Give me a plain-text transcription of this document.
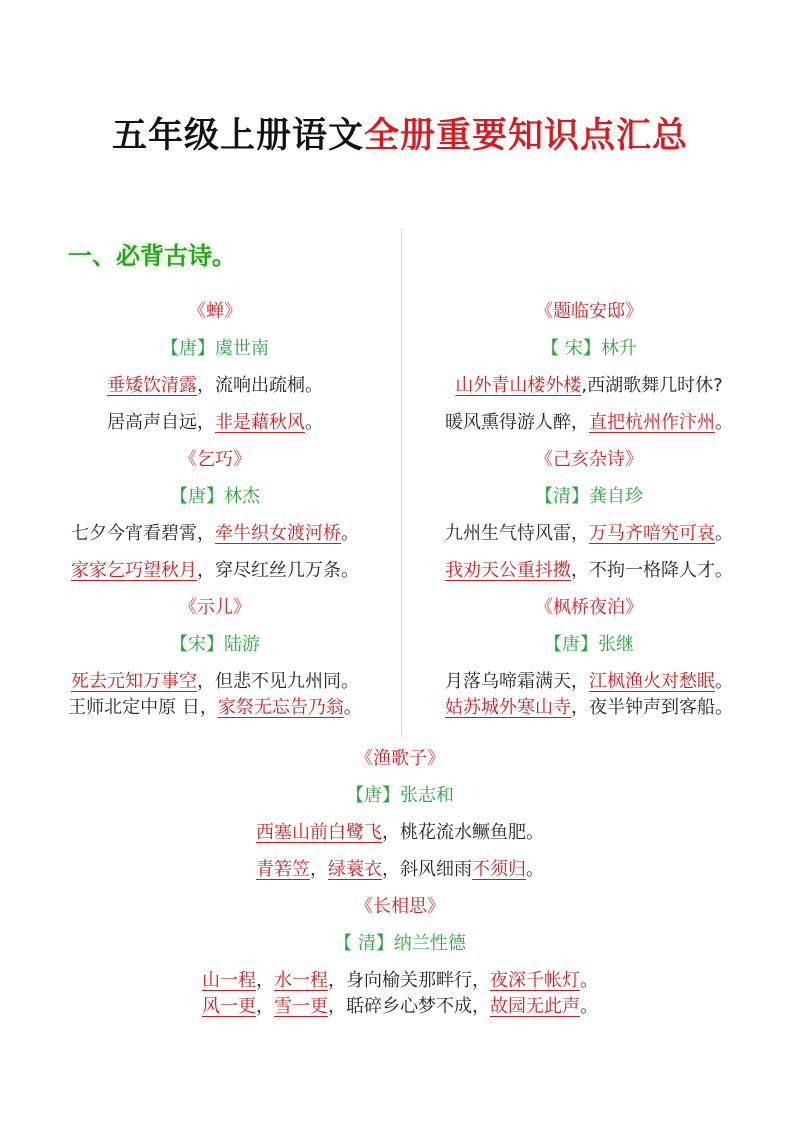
五年级上册语文全册重要知识点汇总
一、必背古诗。
《蝉》
【唐】虞世南
垂矮饮清露，流响出疏桐。
居高声自远，非是藉秋风。
《乞巧》
【唐】林杰
七夕今宵看碧霄，牵牛织女渡河桥。
家家乞巧望秋月，穿尽红丝几万条。
《示儿》
【宋】陆游
死去元知万事空，但悲不见九州同。
王师北定中原 日，家祭无忘告乃翁。
《题临安邸》
【 宋】林升
山外青山楼外楼,西湖歌舞几时休?
暖风熏得游人醉，直把杭州作汴州。
《己亥杂诗》
【清】龚自珍
九州生气恃风雷，万马齐喑究可哀。
我劝天公重抖擞，不拘一格降人才。
《枫桥夜泊》
【唐】张继
月落乌啼霜满天，江枫渔火对愁眠。
姑苏城外寒山寺，夜半钟声到客船。
《渔歌子》
【唐】张志和
西塞山前白鹭飞，桃花流水鳜鱼肥。
青箬笠，绿蓑衣，斜风细雨不须归。
《长相思》
【 清】纳兰性德
山一程，水一程，身向榆关那畔行，夜深千帐灯。
风一更，雪一更，聒碎乡心梦不成，故园无此声。
